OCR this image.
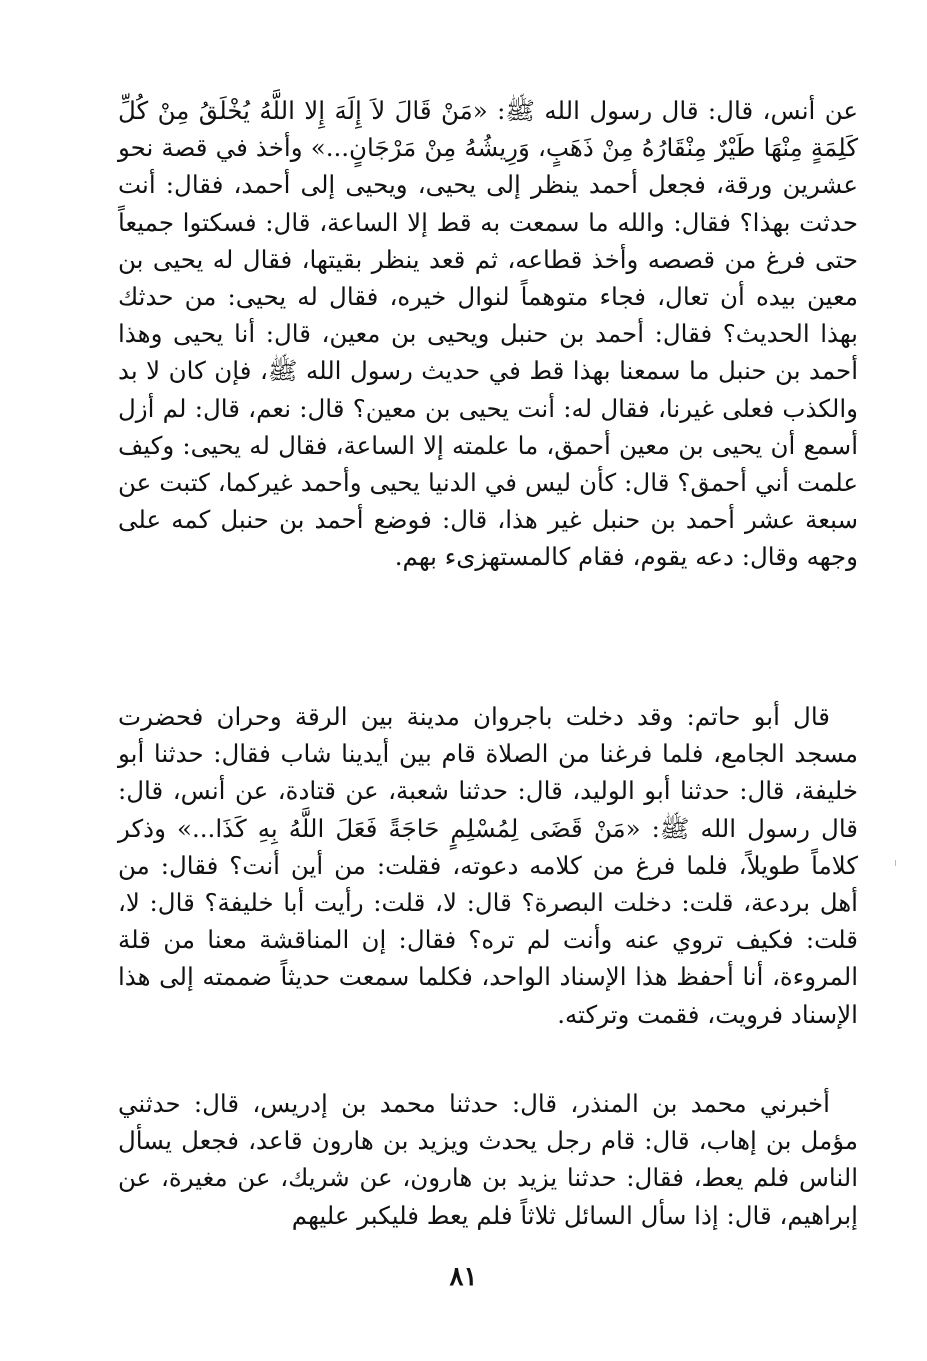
عن أنس، قال: قال رسول الله ﷺ: «مَنْ قَالَ لاَ إِلَهَ إِلا اللَّهُ يُخْلَقُ مِنْ كُلِّ كَلِمَةٍ مِنْهَا طَيْرٌ مِنْقَارُهُ مِنْ ذَهَبٍ، وَرِيشُهُ مِنْ مَرْجَانٍ...» وأخذ في قصة نحو عشرين ورقة، فجعل أحمد ينظر إلى يحيى، ويحيى إلى أحمد، فقال: أنت حدثت بهذا؟ فقال: والله ما سمعت به قط إلا الساعة، قال: فسكتوا جميعاً حتى فرغ من قصصه وأخذ قطاعه، ثم قعد ينظر بقيتها، فقال له يحيى بن معين بيده أن تعال، فجاء متوهماً لنوال خيره، فقال له يحيى: من حدثك بهذا الحديث؟ فقال: أحمد بن حنبل ويحيى بن معين، قال: أنا يحيى وهذا أحمد بن حنبل ما سمعنا بهذا قط في حديث رسول الله ﷺ، فإن كان لا بد والكذب فعلى غيرنا، فقال له: أنت يحيى بن معين؟ قال: نعم، قال: لم أزل أسمع أن يحيى بن معين أحمق، ما علمته إلا الساعة، فقال له يحيى: وكيف علمت أني أحمق؟ قال: كأن ليس في الدنيا يحيى وأحمد غيركما، كتبت عن سبعة عشر أحمد بن حنبل غير هذا، قال: فوضع أحمد بن حنبل كمه على وجهه وقال: دعه يقوم، فقام كالمستهزىء بهم.

قال أبو حاتم: وقد دخلت باجروان مدينة بين الرقة وحران فحضرت مسجد الجامع، فلما فرغنا من الصلاة قام بين أيدينا شاب فقال: حدثنا أبو خليفة، قال: حدثنا أبو الوليد، قال: حدثنا شعبة، عن قتادة، عن أنس، قال: قال رسول الله ﷺ: «مَنْ قَضَى لِمُسْلِمٍ حَاجَةً فَعَلَ اللَّهُ بِهِ كَذَا...» وذكر كلاماً طويلاً، فلما فرغ من كلامه دعوته، فقلت: من أين أنت؟ فقال: من أهل بردعة، قلت: دخلت البصرة؟ قال: لا، قلت: رأيت أبا خليفة؟ قال: لا، قلت: فكيف تروي عنه وأنت لم تره؟ فقال: إن المناقشة معنا من قلة المروءة، أنا أحفظ هذا الإسناد الواحد، فكلما سمعت حديثاً ضممته إلى هذا الإسناد فرويت، فقمت وتركته.

أخبرني محمد بن المنذر، قال: حدثنا محمد بن إدريس، قال: حدثني مؤمل بن إهاب، قال: قام رجل يحدث ويزيد بن هارون قاعد، فجعل يسأل الناس فلم يعط، فقال: حدثنا يزيد بن هارون، عن شريك، عن مغيرة، عن إبراهيم، قال: إذا سأل السائل ثلاثاً فلم يعط فليكبر عليهم

٨١
